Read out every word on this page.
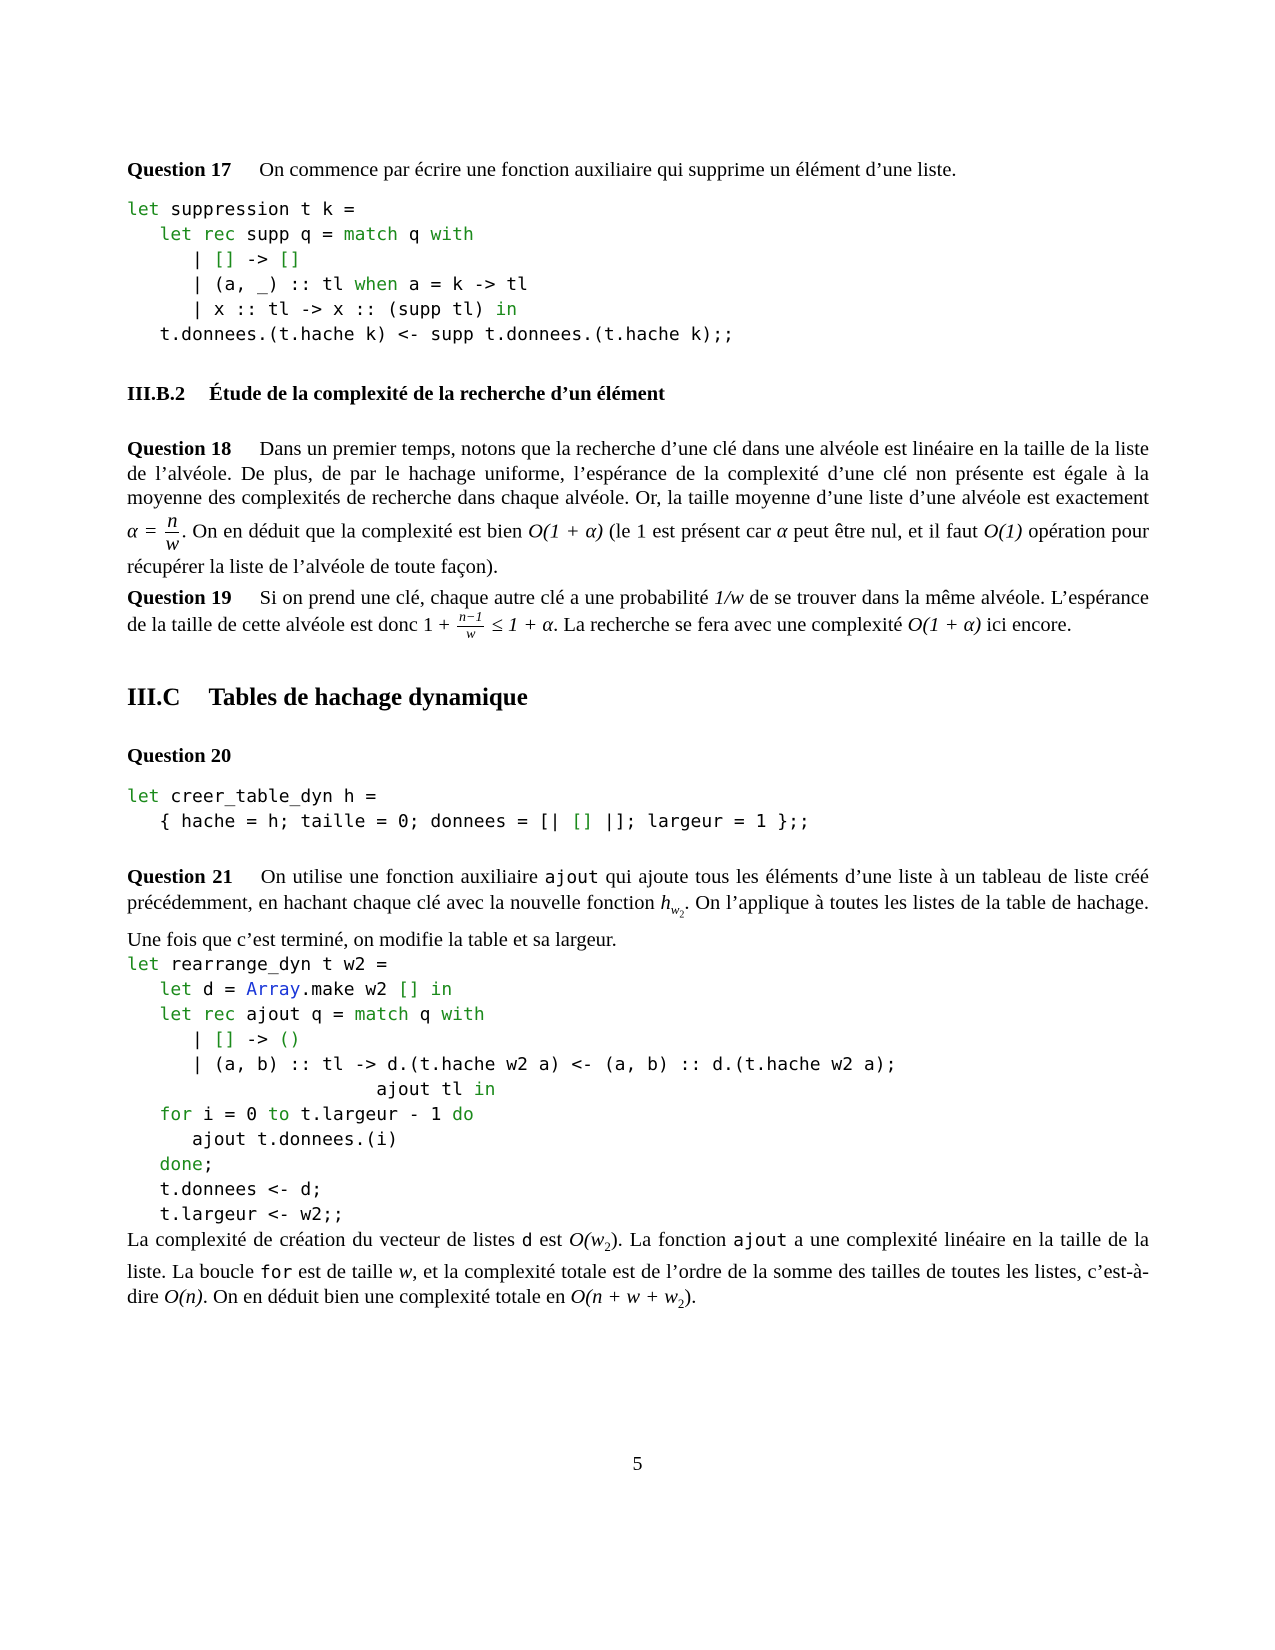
Question 17 On commence par écrire une fonction auxiliaire qui supprime un élément d’une liste.

let suppression t k =
let rec supp q = match q with
| [] -> []
| (a, _) :: tl when a = k -> tl
| x :: tl -> x :: (supp tl) in
t.donnees.(t.hache k) <- supp t.donnees.(t.hache k);;

III.B.2 Étude de la complexité de la recherche d’un élément

Question 18 Dans un premier temps, notons que la recherche d’une clé dans une alvéole est linéaire en la taille de la liste de l’alvéole. De plus, de par le hachage uniforme, l’espérance de la complexité d’une clé non présente est égale à la moyenne des complexités de recherche dans chaque alvéole. Or, la taille moyenne d’une liste d’une alvéole est exactement $\alpha = \frac{n}{w}$ . On en déduit que la complexité est bien O(1 + α) (le 1 est présent car α peut être nul, et il faut O(1) opération pour récupérer la liste de l’alvéole de toute façon).

Question 19 Si on prend une clé, chaque autre clé a une probabilité 1/w de se trouver dans la même alvéole. L’espérance de la taille de cette alvéole est donc $1 + \frac{n-1}{w} \le 1 + \alpha$. La recherche se fera avec une complexité O(1 + α) ici encore.

III.C Tables de hachage dynamique

Question 20

let creer_table_dyn h =
{ hache = h; taille = 0; donnees = [| [] |]; largeur = 1 };;

Question 21 On utilise une fonction auxiliaire ajout qui ajoute tous les éléments d’une liste à un tableau de liste créé précédemment, en hachant chaque clé avec la nouvelle fonction $h_{w_2}$. On l’applique à toutes les listes de la table de hachage. Une fois que c’est terminé, on modifie la table et sa largeur.

let rearrange_dyn t w2 =
let d = Array.make w2 [] in
let rec ajout q = match q with
| [] -> ()
| (a, b) :: tl -> d.(t.hache w2 a) <- (a, b) :: d.(t.hache w2 a);
ajout tl in
for i = 0 to t.largeur - 1 do
ajout t.donnees.(i)
done;
t.donnees <- d;
t.largeur <- w2;;

La complexité de création du vecteur de listes d est $O(w_2)$. La fonction ajout a une complexité linéaire en la taille de la liste. La boucle for est de taille w, et la complexité totale est de l’ordre de la somme des tailles de toutes les listes, c’est-à-dire O(n). On en déduit bien une complexité totale en $O(n + w + w_2)$.

5
